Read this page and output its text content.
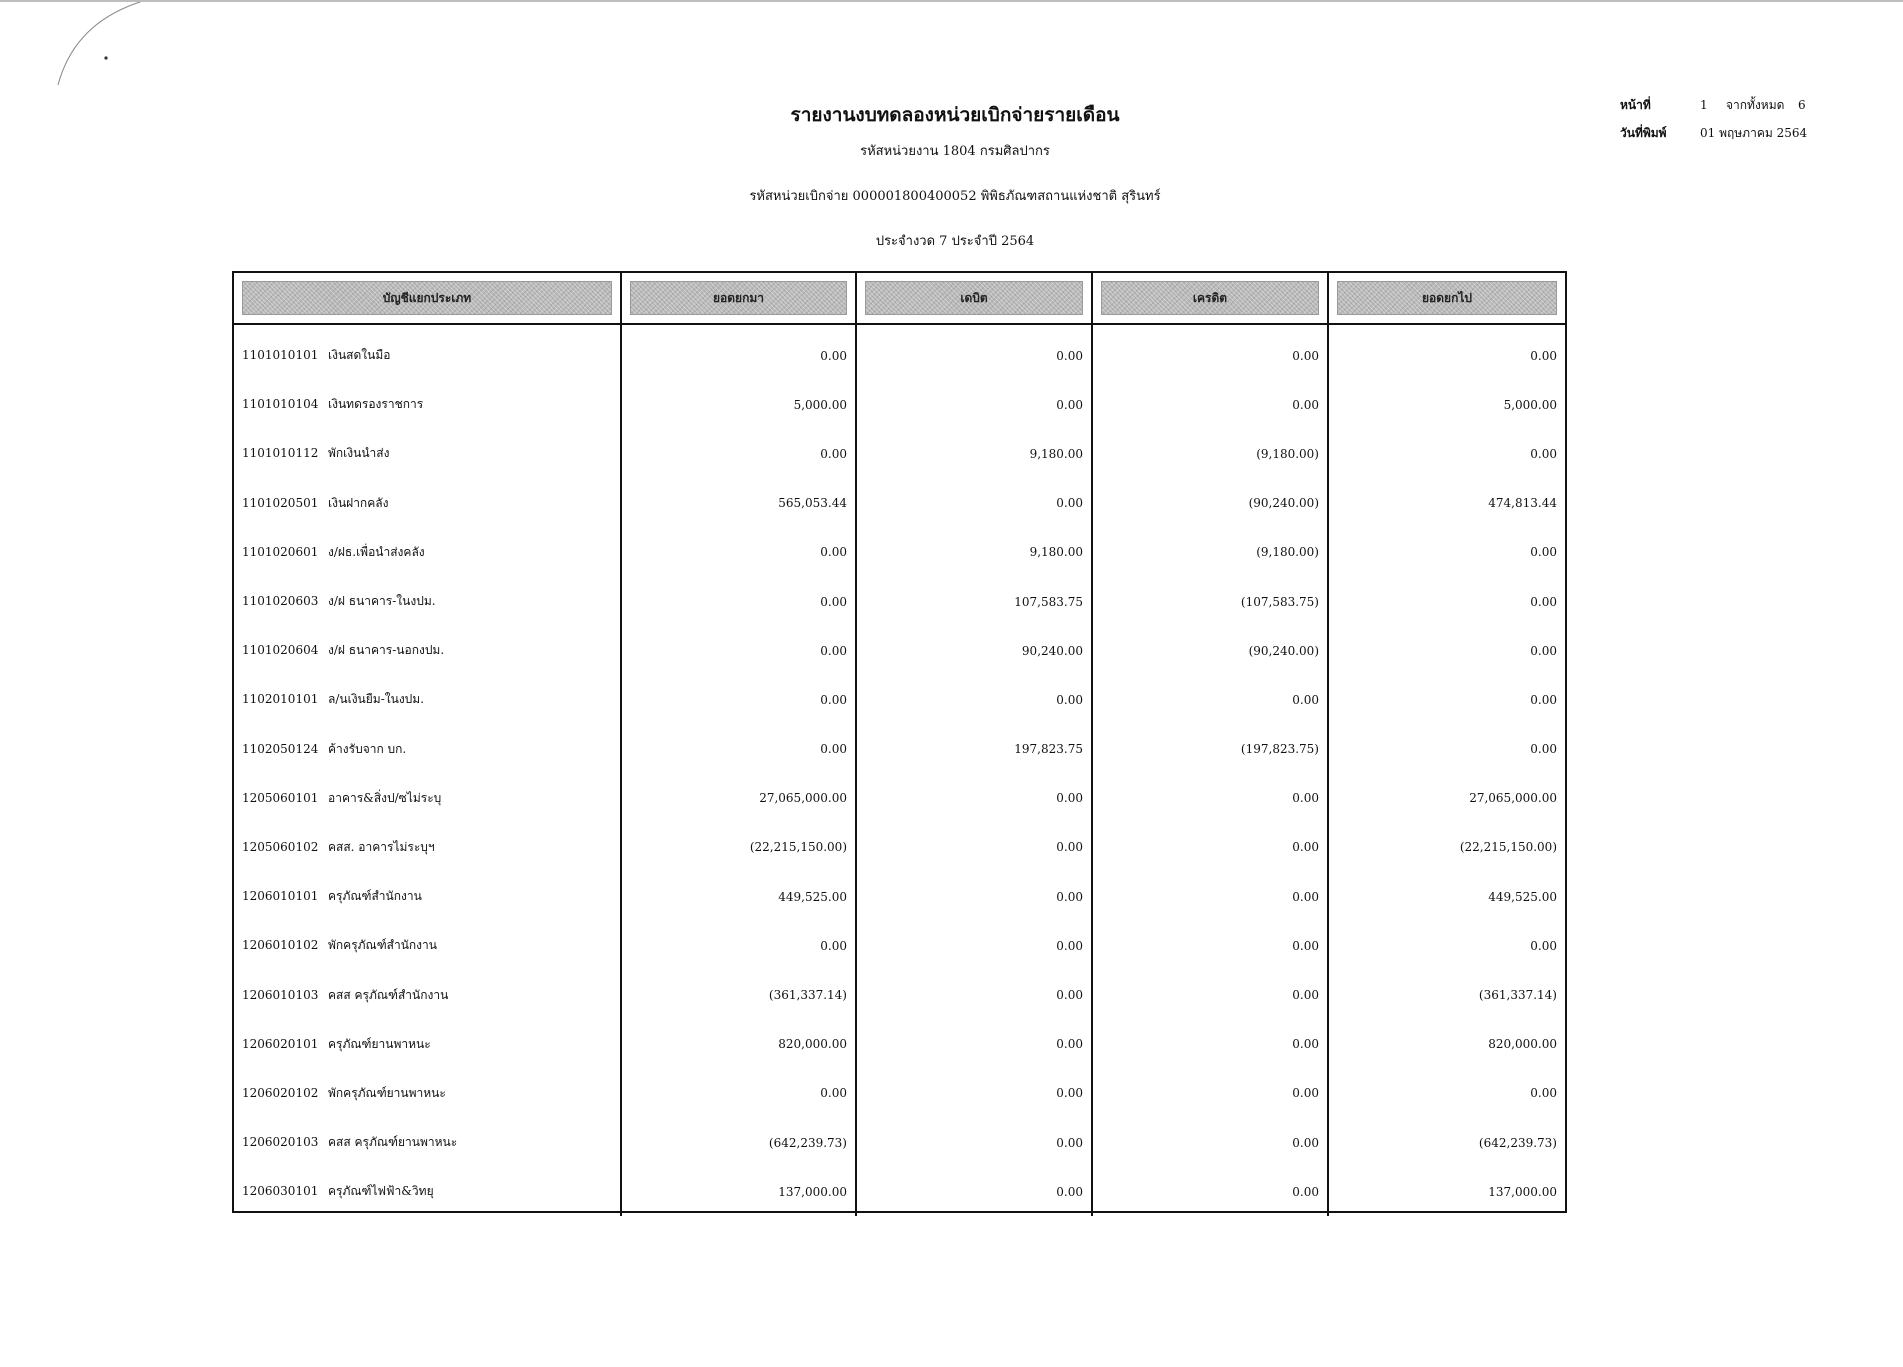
รายงานงบทดลองหน่วยเบิกจ่ายรายเดือน

รหัสหน่วยงาน 1804 กรมศิลปากร

รหัสหน่วยเบิกจ่าย 000001800400052 พิพิธภัณฑสถานแห่งชาติ สุรินทร์

ประจำงวด 7 ประจำปี 2564

หน้าที่	1	จากทั้งหมด	6
วันที่พิมพ์	01 พฤษภาคม 2564
บัญชีแยกประเภท	ยอดยกมา	เดบิต	เครดิต	ยอดยกไป

1101010101 เงินสดในมือ	0.00	0.00	0.00	0.00
1101010104 เงินทดรองราชการ	5,000.00	0.00	0.00	5,000.00
1101010112 พักเงินนำส่ง	0.00	9,180.00	(9,180.00)	0.00
1101020501 เงินฝากคลัง	565,053.44	0.00	(90,240.00)	474,813.44
1101020601 ง/ฝธ.เพื่อนำส่งคลัง	0.00	9,180.00	(9,180.00)	0.00
1101020603 ง/ฝ ธนาคาร-ในงปม.	0.00	107,583.75	(107,583.75)	0.00
1101020604 ง/ฝ ธนาคาร-นอกงปม.	0.00	90,240.00	(90,240.00)	0.00
1102010101 ล/นเงินยืม-ในงปม.	0.00	0.00	0.00	0.00
1102050124 ค้างรับจาก บก.	0.00	197,823.75	(197,823.75)	0.00
1205060101 อาคาร&สิ่งป/ซไม่ระบุ	27,065,000.00	0.00	0.00	27,065,000.00
1205060102 คสส. อาคารไม่ระบุฯ	(22,215,150.00)	0.00	0.00	(22,215,150.00)
1206010101 ครุภัณฑ์สำนักงาน	449,525.00	0.00	0.00	449,525.00
1206010102 พักครุภัณฑ์สำนักงาน	0.00	0.00	0.00	0.00
1206010103 คสส ครุภัณฑ์สำนักงาน	(361,337.14)	0.00	0.00	(361,337.14)
1206020101 ครุภัณฑ์ยานพาหนะ	820,000.00	0.00	0.00	820,000.00
1206020102 พักครุภัณฑ์ยานพาหนะ	0.00	0.00	0.00	0.00
1206020103 คสส ครุภัณฑ์ยานพาหนะ	(642,239.73)	0.00	0.00	(642,239.73)
1206030101 ครุภัณฑ์ไฟฟ้า&วิทยุ	137,000.00	0.00	0.00	137,000.00
